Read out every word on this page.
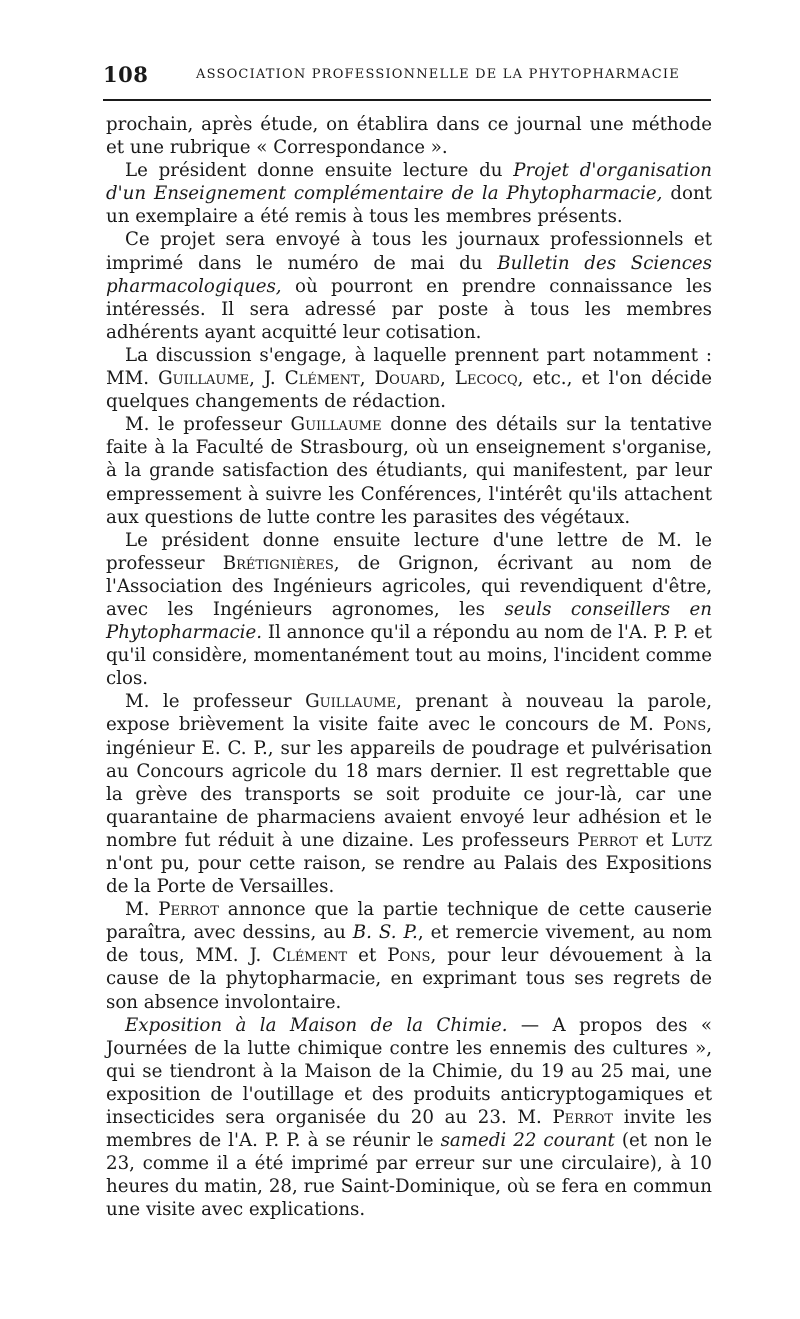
108	ASSOCIATION PROFESSIONNELLE DE LA PHYTOPHARMACIE

prochain, après étude, on établira dans ce journal une méthode et une rubrique « Correspondance ».

Le président donne ensuite lecture du Projet d'organisation d'un Enseignement complémentaire de la Phytopharmacie, dont un exemplaire a été remis à tous les membres présents.

Ce projet sera envoyé à tous les journaux professionnels et imprimé dans le numéro de mai du Bulletin des Sciences pharmacologiques, où pourront en prendre connaissance les intéressés. Il sera adressé par poste à tous les membres adhérents ayant acquitté leur cotisation.

La discussion s'engage, à laquelle prennent part notamment : MM. Guillaume, J. Clément, Douard, Lecocq, etc., et l'on décide quelques changements de rédaction.

M. le professeur Guillaume donne des détails sur la tentative faite à la Faculté de Strasbourg, où un enseignement s'organise, à la grande satisfaction des étudiants, qui manifestent, par leur empressement à suivre les Conférences, l'intérêt qu'ils attachent aux questions de lutte contre les parasites des végétaux.

Le président donne ensuite lecture d'une lettre de M. le professeur Brétignières, de Grignon, écrivant au nom de l'Association des Ingénieurs agricoles, qui revendiquent d'être, avec les Ingénieurs agronomes, les seuls conseillers en Phytopharmacie. Il annonce qu'il a répondu au nom de l'A. P. P. et qu'il considère, momentanément tout au moins, l'incident comme clos.

M. le professeur Guillaume, prenant à nouveau la parole, expose brièvement la visite faite avec le concours de M. Pons, ingénieur E. C. P., sur les appareils de poudrage et pulvérisation au Concours agricole du 18 mars dernier. Il est regrettable que la grève des transports se soit produite ce jour-là, car une quarantaine de pharmaciens avaient envoyé leur adhésion et le nombre fut réduit à une dizaine. Les professeurs Perrot et Lutz n'ont pu, pour cette raison, se rendre au Palais des Expositions de la Porte de Versailles.

M. Perrot annonce que la partie technique de cette causerie paraîtra, avec dessins, au B. S. P., et remercie vivement, au nom de tous, MM. J. Clément et Pons, pour leur dévouement à la cause de la phytopharmacie, en exprimant tous ses regrets de son absence involontaire.

Exposition à la Maison de la Chimie. — A propos des « Journées de la lutte chimique contre les ennemis des cultures », qui se tiendront à la Maison de la Chimie, du 19 au 25 mai, une exposition de l'outillage et des produits anticryptogamiques et insecticides sera organisée du 20 au 23. M. Perrot invite les membres de l'A. P. P. à se réunir le samedi 22 courant (et non le 23, comme il a été imprimé par erreur sur une circulaire), à 10 heures du matin, 28, rue Saint-Dominique, où se fera en commun une visite avec explications.
